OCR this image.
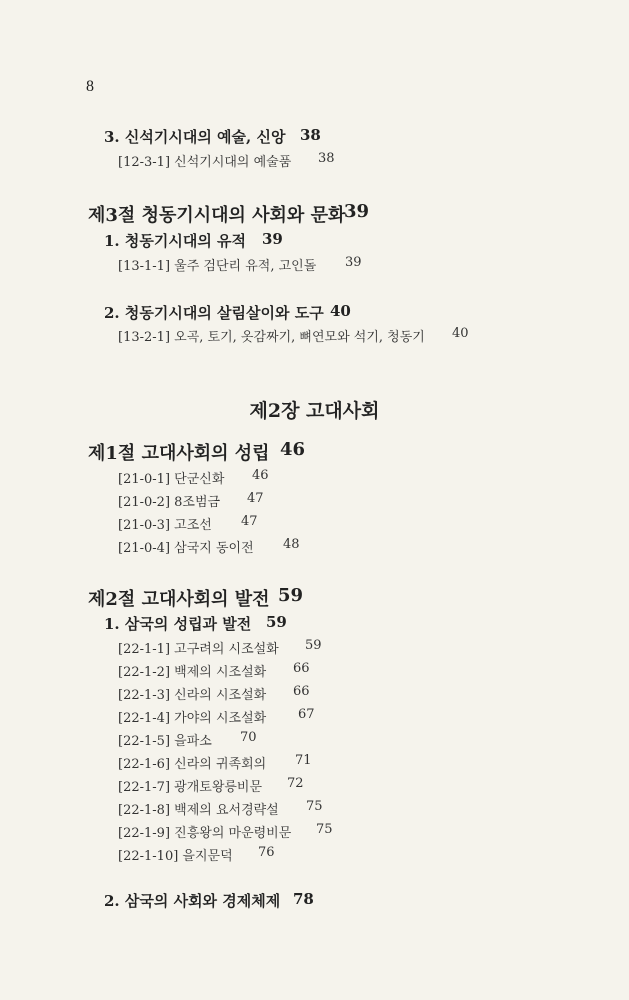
8
제2장 고대사회
3. 신석기시대의 예술, 신앙 38
[12-3-1] 신석기시대의 예술품 38
제3절 청동기시대의 사회와 문화
39
1. 청동기시대의 유적 39
[13-1-1] 울주 검단리 유적, 고인돌 39
2. 청동기시대의 살림살이와 도구 40
[13-2-1] 오곡, 토기, 옷감짜기, 뼈연모와 석기, 청동기 40
제1절 고대사회의 성립 46
[21-0-1] 단군신화 46
[21-0-2] 8조범금 47
[21-0-3] 고조선 47
[21-0-4] 삼국지 동이전 48
제2절 고대사회의 발전 59
1. 삼국의 성립과 발전 59
[22-1-1] 고구려의 시조설화 59
[22-1-2] 백제의 시조설화 66
[22-1-3] 신라의 시조설화 66
[22-1-4] 가야의 시조설화 67
[22-1-5] 을파소 70
[22-1-6] 신라의 귀족회의 71
[22-1-7] 광개토왕릉비문 72
[22-1-8] 백제의 요서경략설 75
[22-1-9] 진흥왕의 마운령비문 75
[22-1-10] 을지문덕 76
2. 삼국의 사회와 경제체제 78
